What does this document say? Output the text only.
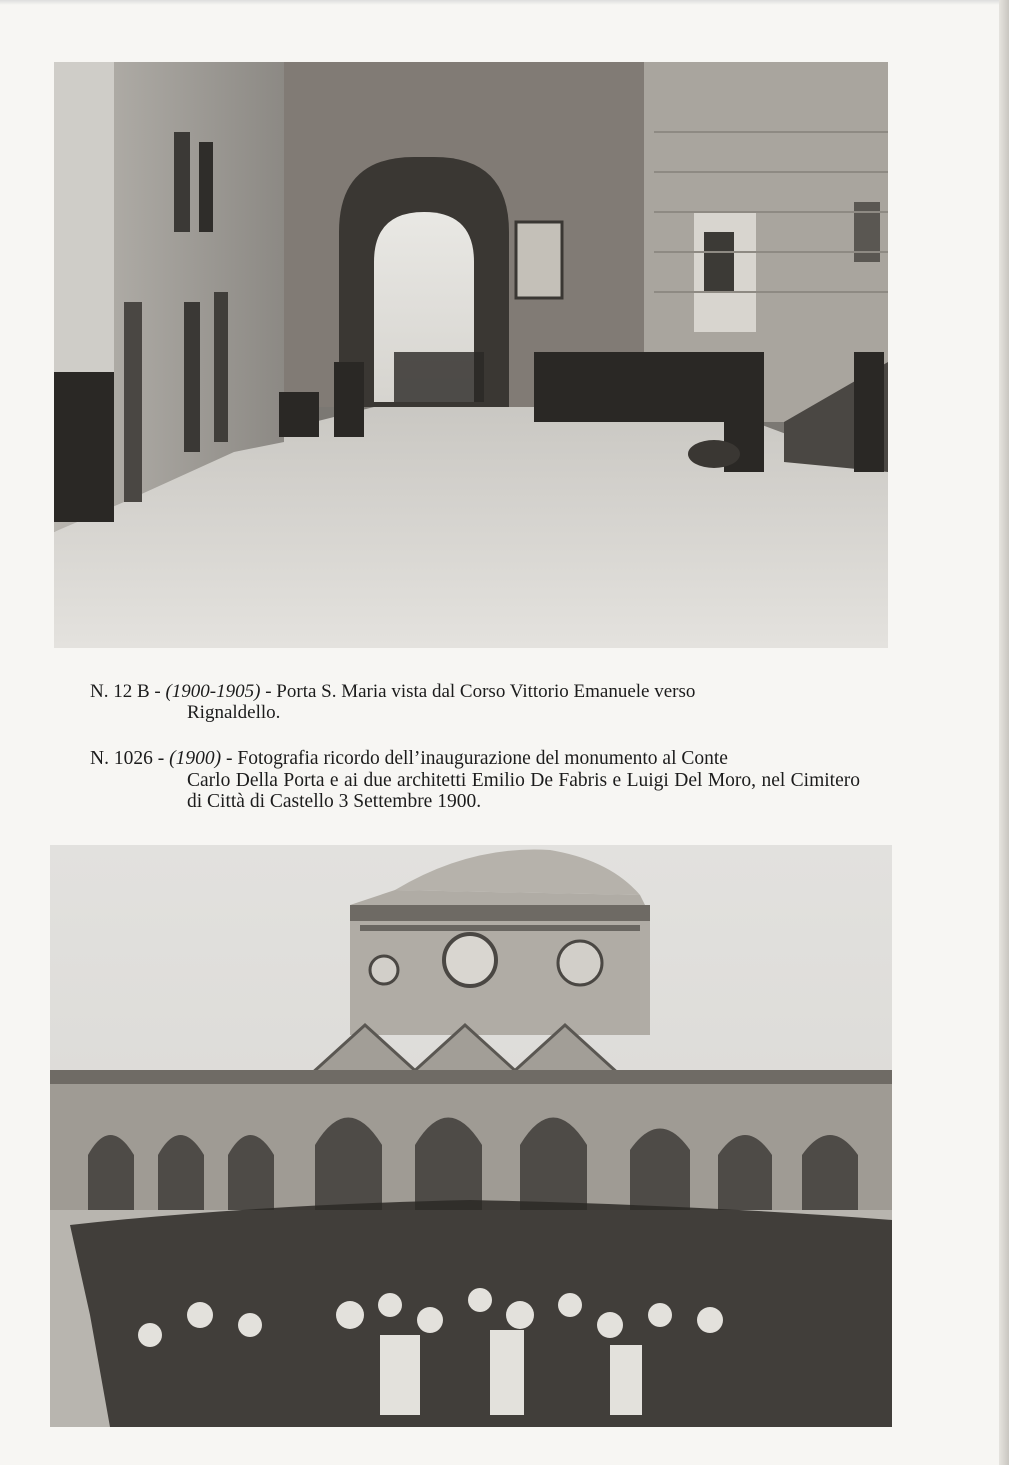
N. 12 B - (1900-1905) - Porta S. Maria vista dal Corso Vittorio Emanuele verso
Rignaldello.
N. 1026 - (1900) - Fotografia ricordo dell’inaugurazione del monumento al Conte
Carlo Della Porta e ai due architetti Emilio De Fabris e Luigi Del Moro, nel Cimitero di Città di Castello 3 Settembre 1900.
